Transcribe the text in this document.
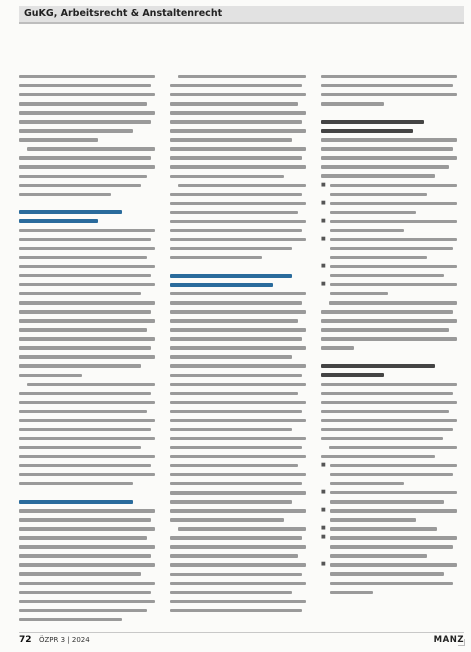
GuKG, Arbeitsrecht & Anstaltenrecht
■
■
■
■
■
■
■
■
■
■
■
■
72 ÖZPR 3 | 2024	MANZ
